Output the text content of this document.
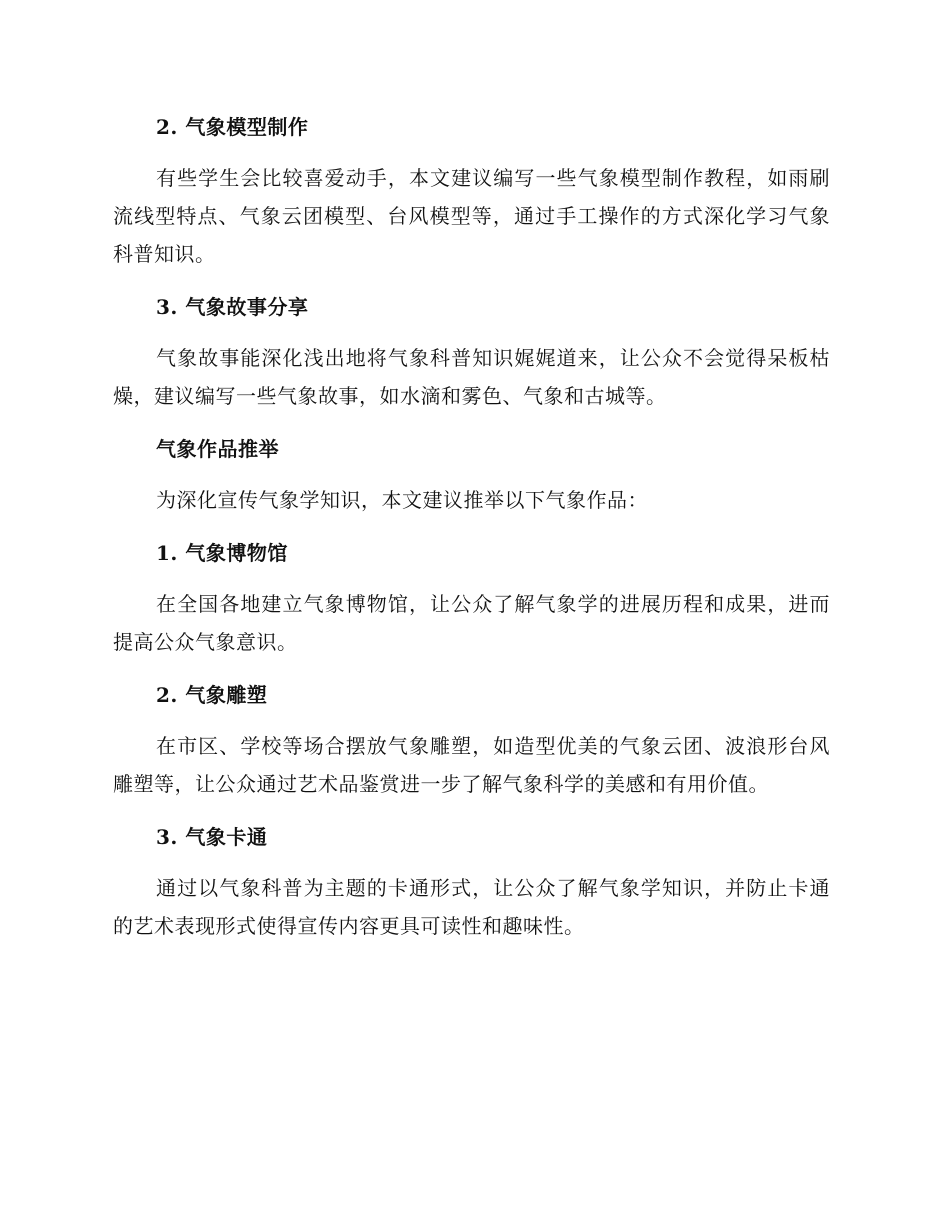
2. 气象模型制作

有些学生会比较喜爱动手，本文建议编写一些气象模型制作教程，如雨刷流线型特点、气象云团模型、台风模型等，通过手工操作的方式深化学习气象科普知识。

3. 气象故事分享

气象故事能深化浅出地将气象科普知识娓娓道来，让公众不会觉得呆板枯燥，建议编写一些气象故事，如水滴和雾色、气象和古城等。

气象作品推举

为深化宣传气象学知识，本文建议推举以下气象作品：

1. 气象博物馆

在全国各地建立气象博物馆，让公众了解气象学的进展历程和成果，进而提高公众气象意识。

2. 气象雕塑

在市区、学校等场合摆放气象雕塑，如造型优美的气象云团、波浪形台风雕塑等，让公众通过艺术品鉴赏进一步了解气象科学的美感和有用价值。

3. 气象卡通

通过以气象科普为主题的卡通形式，让公众了解气象学知识，并防止卡通的艺术表现形式使得宣传内容更具可读性和趣味性。
